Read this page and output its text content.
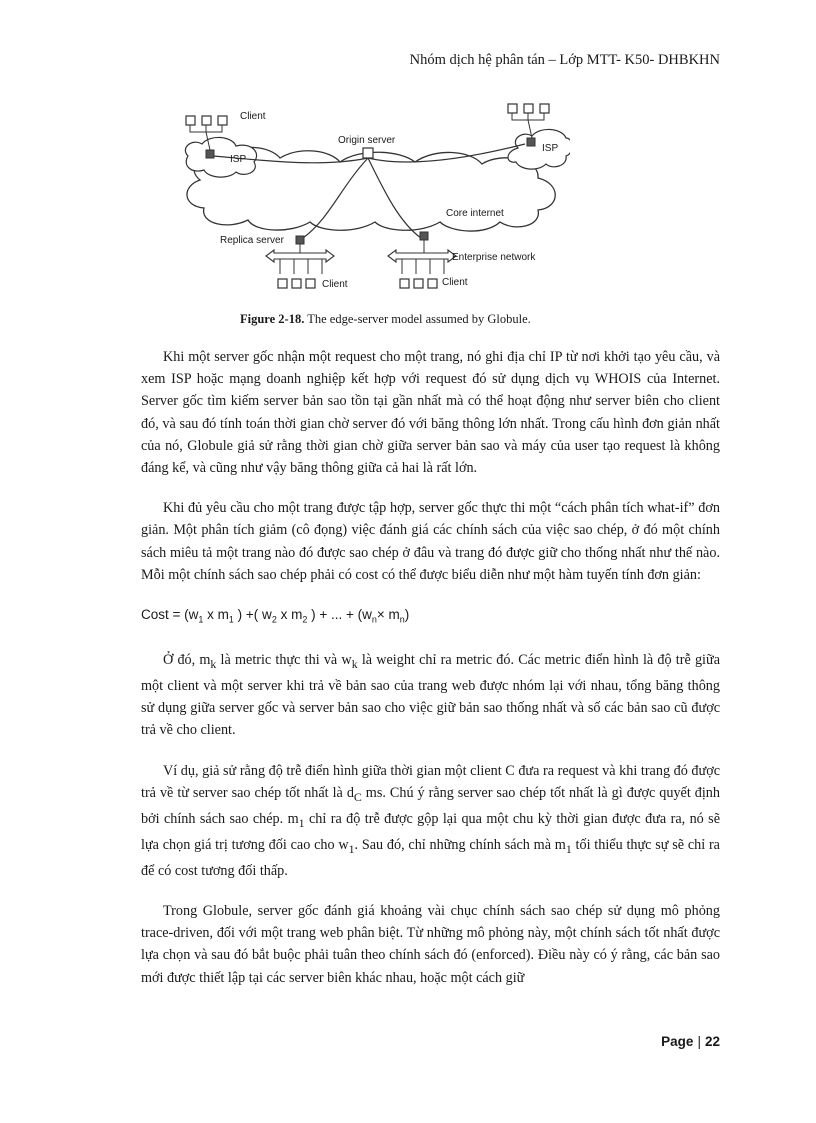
Nhóm dịch hệ phân tán – Lớp MTT- K50- DHBKHN
Client
ISP
Origin server
ISP
Core internet
Replica server
Enterprise network
Client	Client
Figure 2-18. The edge-server model assumed by Globule.

Khi một server gốc nhận một request cho một trang, nó ghi địa chỉ IP từ nơi khởi tạo yêu cầu, và xem ISP hoặc mạng doanh nghiệp kết hợp với request đó sử dụng dịch vụ WHOIS của Internet. Server gốc tìm kiếm server bản sao tồn tại gần nhất mà có thể hoạt động như server biên cho client đó, và sau đó tính toán thời gian chờ server đó với băng thông lớn nhất. Trong cấu hình đơn giản nhất của nó, Globule giả sử rằng thời gian chờ giữa server bản sao và máy của user tạo request là không đáng kể, và cũng như vậy băng thông giữa cả hai là rất lớn.

Khi đủ yêu cầu cho một trang được tập hợp, server gốc thực thi một “cách phân tích what-if” đơn giản. Một phân tích giảm (cô đọng) việc đánh giá các chính sách của việc sao chép, ở đó một chính sách miêu tả một trang nào đó được sao chép ở đâu và trang đó được giữ cho thống nhất như thế nào. Mỗi một chính sách sao chép phải có cost có thể được biểu diễn như một hàm tuyến tính đơn giản:

Cost = ($w_1$ x $m_1$ ) +( $w_2$ x $m_2$ ) + ... + $(w_n\times m_n)$

Ở đó, $m_k$ là metric thực thi và $w_k$ là weight chỉ ra metric đó. Các metric điển hình là độ trễ giữa một client và một server khi trả về bản sao của trang web được nhóm lại với nhau, tổng băng thông sử dụng giữa server gốc và server bản sao cho việc giữ bản sao thống nhất và số các bản sao cũ được trả về cho client.

Ví dụ, giả sử rằng độ trễ điển hình giữa thời gian một client C đưa ra request và khi trang đó được trả về từ server sao chép tốt nhất là $d_C$ ms. Chú ý rằng server sao chép tốt nhất là gì được quyết định bởi chính sách sao chép. $m_1$ chỉ ra độ trễ được gộp lại qua một chu kỳ thời gian được đưa ra, nó sẽ lựa chọn giá trị tương đối cao cho $w_1$. Sau đó, chỉ những chính sách mà $m_1$ tối thiểu thực sự sẽ chỉ ra để có cost tương đối thấp.

Trong Globule, server gốc đánh giá khoảng vài chục chính sách sao chép sử dụng mô phỏng trace-driven, đối với một trang web phân biệt. Từ những mô phỏng này, một chính sách tốt nhất được lựa chọn và sau đó bắt buộc phải tuân theo chính sách đó (enforced). Điều này có ý rằng, các bản sao mới được thiết lập tại các server biên khác nhau, hoặc một cách giữ

Page | 22
